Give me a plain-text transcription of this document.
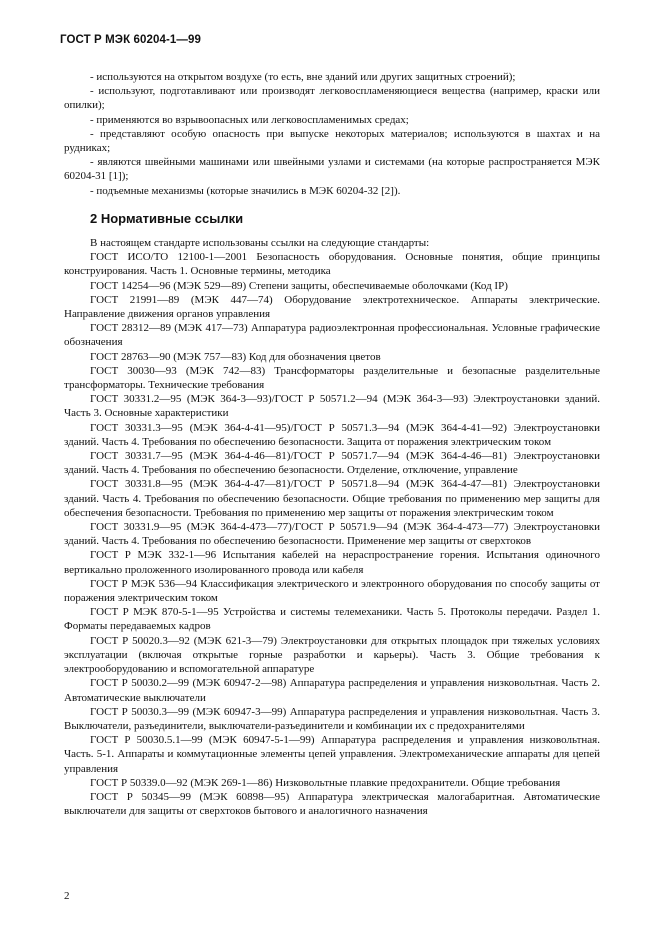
ГОСТ Р МЭК 60204-1—99

- используются на открытом воздухе (то есть, вне зданий или других защитных строений);

- используют, подготавливают или производят легковоспламеняющиеся вещества (например, краски или опилки);

- применяются во взрывоопасных или легковоспламенимых средах;

- представляют особую опасность при выпуске некоторых материалов; используются в шахтах и на рудниках;

- являются швейными машинами или швейными узлами и системами (на которые распространяется МЭК 60204-31 [1]);

- подъемные механизмы (которые значились в МЭК 60204-32 [2]).

2 Нормативные ссылки

В настоящем стандарте использованы ссылки на следующие стандарты:

ГОСТ ИСО/ТО 12100-1—2001 Безопасность оборудования. Основные понятия, общие принципы конструирования. Часть 1. Основные термины, методика

ГОСТ 14254—96 (МЭК 529—89) Степени защиты, обеспечиваемые оболочками (Код IP)

ГОСТ 21991—89 (МЭК 447—74) Оборудование электротехническое. Аппараты электрические. Направление движения органов управления

ГОСТ 28312—89 (МЭК 417—73) Аппаратура радиоэлектронная профессиональная. Условные графические обозначения

ГОСТ 28763—90 (МЭК 757—83) Код для обозначения цветов

ГОСТ 30030—93 (МЭК 742—83) Трансформаторы разделительные и безопасные разделительные трансформаторы. Технические требования

ГОСТ 30331.2—95 (МЭК 364-3—93)/ГОСТ Р 50571.2—94 (МЭК 364-3—93) Электроустановки зданий. Часть 3. Основные характеристики

ГОСТ 30331.3—95 (МЭК 364-4-41—95)/ГОСТ Р 50571.3—94 (МЭК 364-4-41—92) Электроустановки зданий. Часть 4. Требования по обеспечению безопасности. Защита от поражения электрическим током

ГОСТ 30331.7—95 (МЭК 364-4-46—81)/ГОСТ Р 50571.7—94 (МЭК 364-4-46—81) Электроустановки зданий. Часть 4. Требования по обеспечению безопасности. Отделение, отключение, управление

ГОСТ 30331.8—95 (МЭК 364-4-47—81)/ГОСТ Р 50571.8—94 (МЭК 364-4-47—81) Электроустановки зданий. Часть 4. Требования по обеспечению безопасности. Общие требования по применению мер защиты для обеспечения безопасности. Требования по применению мер защиты от поражения электрическим током

ГОСТ 30331.9—95 (МЭК 364-4-473—77)/ГОСТ Р 50571.9—94 (МЭК 364-4-473—77) Электроустановки зданий. Часть 4. Требования по обеспечению безопасности. Применение мер защиты от сверхтоков

ГОСТ Р МЭК 332-1—96 Испытания кабелей на нераспространение горения. Испытания одиночного вертикально проложенного изолированного провода или кабеля

ГОСТ Р МЭК 536—94 Классификация электрического и электронного оборудования по способу защиты от поражения электрическим током

ГОСТ Р МЭК 870-5-1—95 Устройства и системы телемеханики. Часть 5. Протоколы передачи. Раздел 1. Форматы передаваемых кадров

ГОСТ Р 50020.3—92 (МЭК 621-3—79) Электроустановки для открытых площадок при тяжелых условиях эксплуатации (включая открытые горные разработки и карьеры). Часть 3. Общие требования к электрооборудованию и вспомогательной аппаратуре

ГОСТ Р 50030.2—99 (МЭК 60947-2—98) Аппаратура распределения и управления низковольтная. Часть 2. Автоматические выключатели

ГОСТ Р 50030.3—99 (МЭК 60947-3—99) Аппаратура распределения и управления низковольтная. Часть 3. Выключатели, разъединители, выключатели-разъединители и комбинации их с предохранителями

ГОСТ Р 50030.5.1—99 (МЭК 60947-5-1—99) Аппаратура распределения и управления низковольтная. Часть. 5-1. Аппараты и коммутационные элементы цепей управления. Электромеханические аппараты для цепей управления

ГОСТ Р 50339.0—92 (МЭК 269-1—86) Низковольтные плавкие предохранители. Общие требования

ГОСТ Р 50345—99 (МЭК 60898—95) Аппаратура электрическая малогабаритная. Автоматические выключатели для защиты от сверхтоков бытового и аналогичного назначения

2
